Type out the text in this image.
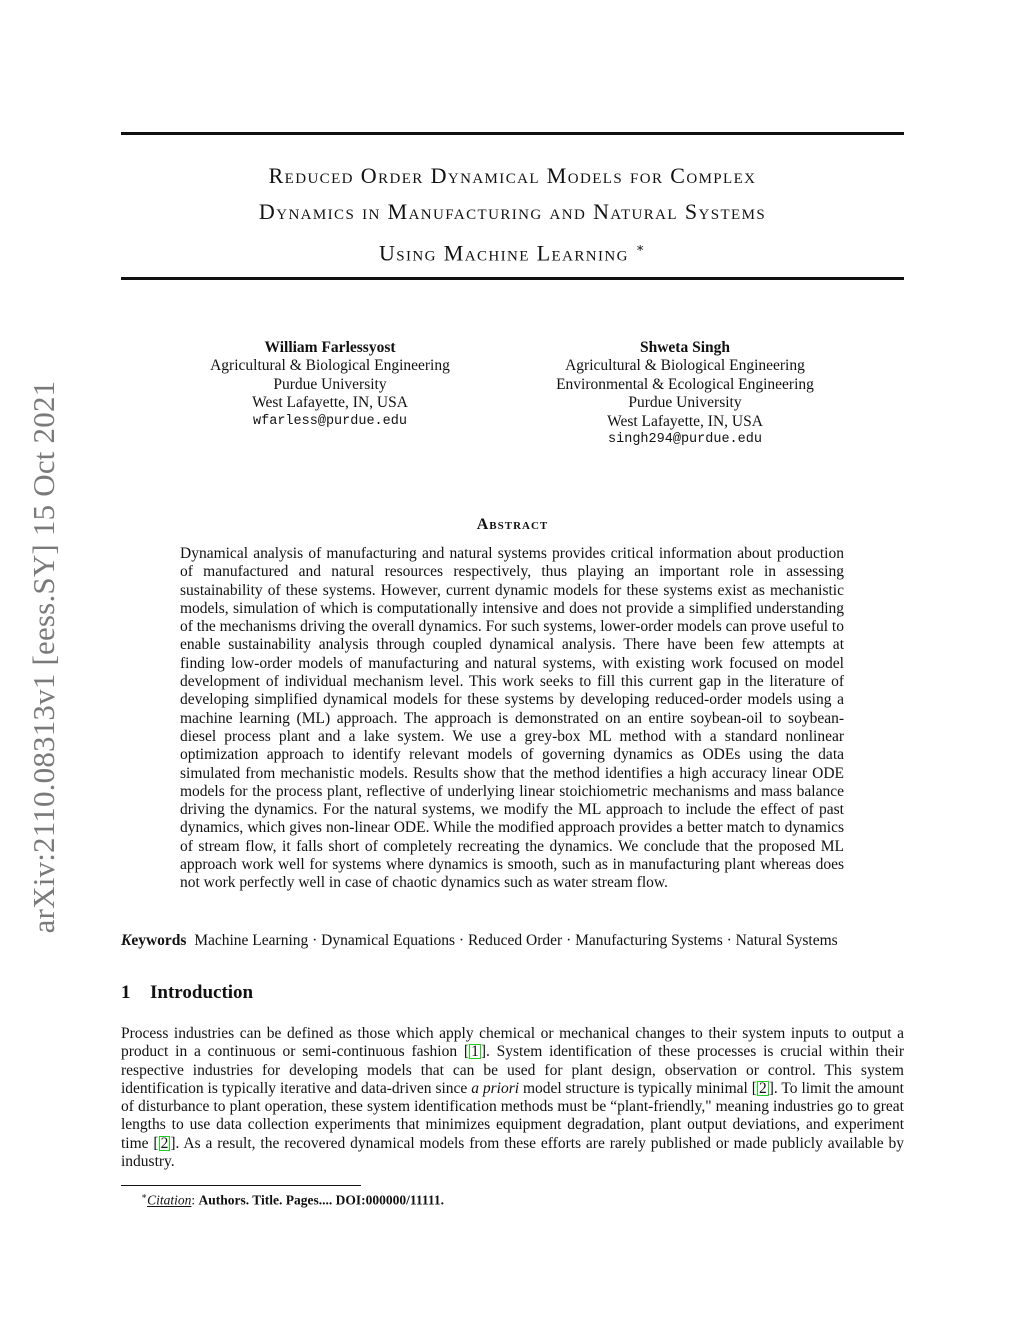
arXiv:2110.08313v1 [eess.SY] 15 Oct 2021
Reduced Order Dynamical Models for Complex
Dynamics in Manufacturing and Natural Systems
Using Machine Learning ∗
William Farlessyost
Agricultural & Biological Engineering
Purdue University
West Lafayette, IN, USA
wfarless@purdue.edu
Shweta Singh
Agricultural & Biological Engineering
Environmental & Ecological Engineering
Purdue University
West Lafayette, IN, USA
singh294@purdue.edu
Abstract
Dynamical analysis of manufacturing and natural systems provides critical information about production of manufactured and natural resources respectively, thus playing an important role in assessing sustainability of these systems. However, current dynamic models for these systems exist as mechanistic models, simulation of which is computationally intensive and does not provide a simplified understanding of the mechanisms driving the overall dynamics. For such systems, lower-order models can prove useful to enable sustainability analysis through coupled dynamical analysis. There have been few attempts at finding low-order models of manufacturing and natural systems, with existing work focused on model development of individual mechanism level. This work seeks to fill this current gap in the literature of developing simplified dynamical models for these systems by developing reduced-order models using a machine learning (ML) approach. The approach is demonstrated on an entire soybean-oil to soybean-diesel process plant and a lake system. We use a grey-box ML method with a standard nonlinear optimization approach to identify relevant models of governing dynamics as ODEs using the data simulated from mechanistic models. Results show that the method identifies a high accuracy linear ODE models for the process plant, reflective of underlying linear stoichiometric mechanisms and mass balance driving the dynamics. For the natural systems, we modify the ML approach to include the effect of past dynamics, which gives non-linear ODE. While the modified approach provides a better match to dynamics of stream flow, it falls short of completely recreating the dynamics. We conclude that the proposed ML approach work well for systems where dynamics is smooth, such as in manufacturing plant whereas does not work perfectly well in case of chaotic dynamics such as water stream flow.
Keywords Machine Learning · Dynamical Equations · Reduced Order · Manufacturing Systems · Natural Systems
1 Introduction
Process industries can be defined as those which apply chemical or mechanical changes to their system inputs to output a product in a continuous or semi-continuous fashion [ 1 ]. System identification of these processes is crucial within their respective industries for developing models that can be used for plant design, observation or control. This system identification is typically iterative and data-driven since a priori model structure is typically minimal [ 2 ]. To limit the amount of disturbance to plant operation, these system identification methods must be “plant-friendly," meaning industries go to great lengths to use data collection experiments that minimizes equipment degradation, plant output deviations, and experiment time [ 2 ]. As a result, the recovered dynamical models from these efforts are rarely published or made publicly available by industry.
∗Citation: Authors. Title. Pages.... DOI:000000/11111.
